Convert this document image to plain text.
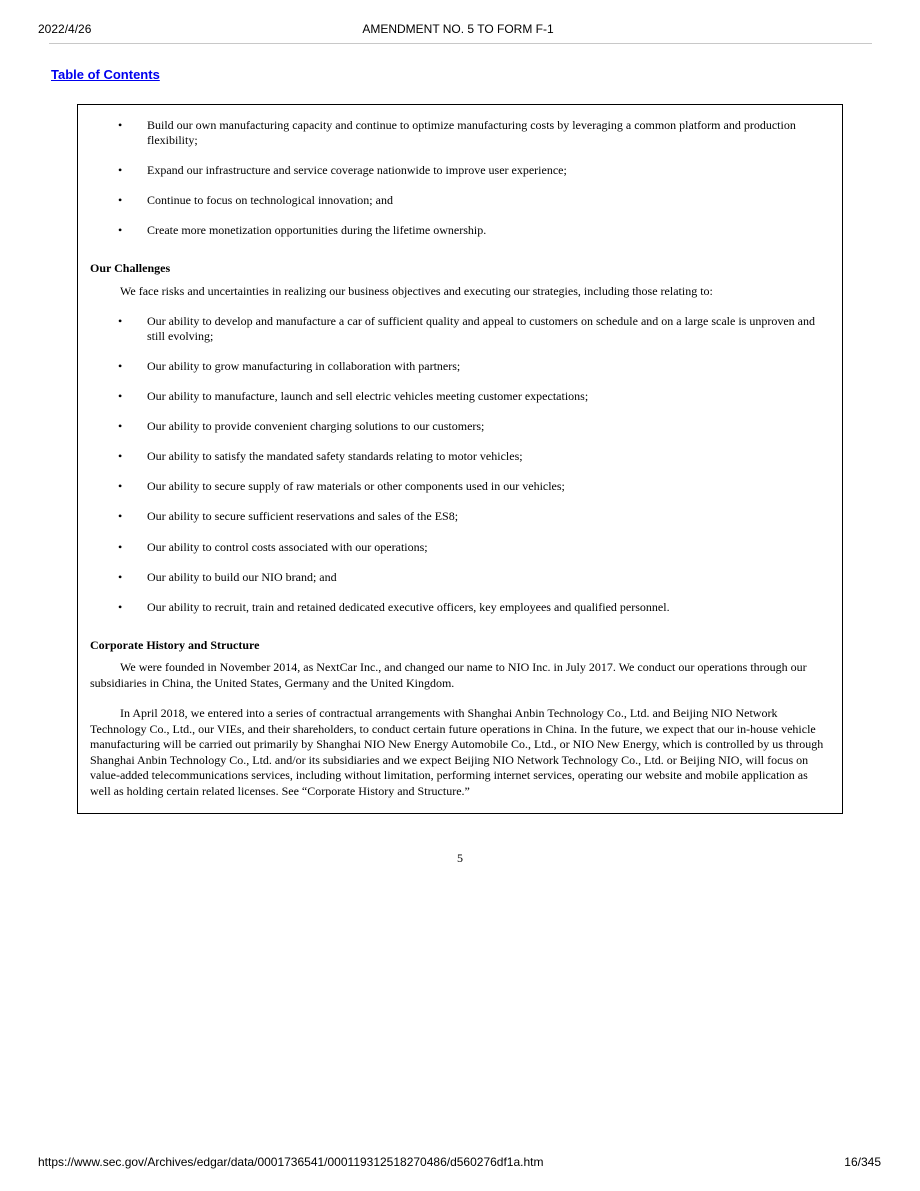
2022/4/26	AMENDMENT NO. 5 TO FORM F-1
Table of Contents
• Build our own manufacturing capacity and continue to optimize manufacturing costs by leveraging a common platform and production flexibility;
• Expand our infrastructure and service coverage nationwide to improve user experience;
• Continue to focus on technological innovation; and
• Create more monetization opportunities during the lifetime ownership.
Our Challenges
We face risks and uncertainties in realizing our business objectives and executing our strategies, including those relating to:
• Our ability to develop and manufacture a car of sufficient quality and appeal to customers on schedule and on a large scale is unproven and still evolving;
• Our ability to grow manufacturing in collaboration with partners;
• Our ability to manufacture, launch and sell electric vehicles meeting customer expectations;
• Our ability to provide convenient charging solutions to our customers;
• Our ability to satisfy the mandated safety standards relating to motor vehicles;
• Our ability to secure supply of raw materials or other components used in our vehicles;
• Our ability to secure sufficient reservations and sales of the ES8;
• Our ability to control costs associated with our operations;
• Our ability to build our NIO brand; and
• Our ability to recruit, train and retained dedicated executive officers, key employees and qualified personnel.
Corporate History and Structure
We were founded in November 2014, as NextCar Inc., and changed our name to NIO Inc. in July 2017. We conduct our operations through our subsidiaries in China, the United States, Germany and the United Kingdom.
In April 2018, we entered into a series of contractual arrangements with Shanghai Anbin Technology Co., Ltd. and Beijing NIO Network Technology Co., Ltd., our VIEs, and their shareholders, to conduct certain future operations in China. In the future, we expect that our in-house vehicle manufacturing will be carried out primarily by Shanghai NIO New Energy Automobile Co., Ltd., or NIO New Energy, which is controlled by us through Shanghai Anbin Technology Co., Ltd. and/or its subsidiaries and we expect Beijing NIO Network Technology Co., Ltd. or Beijing NIO, will focus on value-added telecommunications services, including without limitation, performing internet services, operating our website and mobile application as well as holding certain related licenses. See “Corporate History and Structure.”
5
https://www.sec.gov/Archives/edgar/data/0001736541/000119312518270486/d560276df1a.htm	16/345
